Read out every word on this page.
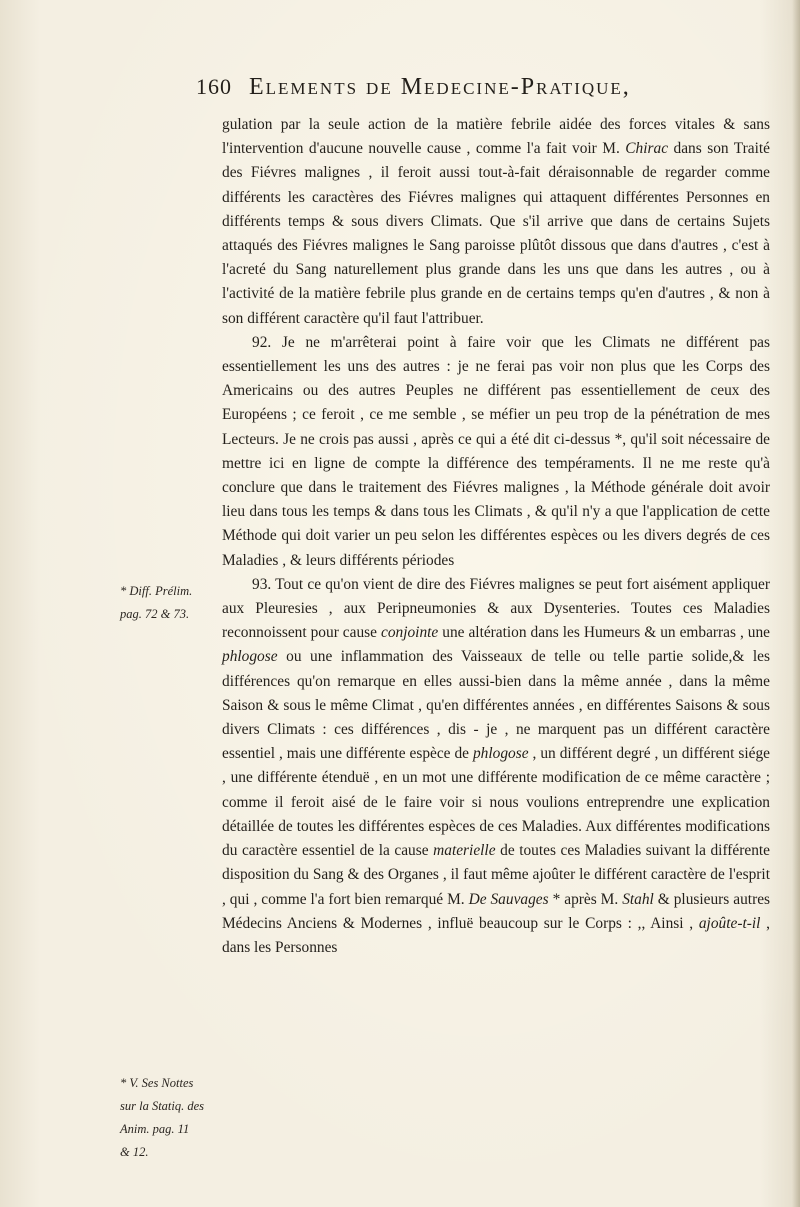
160 Elements de Medecine-Pratique,

gulation par la seule action de la matière febrile aidée des forces vitales & sans l'intervention d'aucune nouvelle cause , comme l'a fait voir M. Chirac dans son Traité des Fiévres malignes , il feroit aussi tout-à-fait déraisonnable de regarder comme différents les caractères des Fiévres malignes qui attaquent différentes Personnes en différents temps & sous divers Climats. Que s'il arrive que dans de certains Sujets attaqués des Fiévres malignes le Sang paroisse plûtôt dissous que dans d'autres , c'est à l'acreté du Sang naturellement plus grande dans les uns que dans les autres , ou à l'activité de la matière febrile plus grande en de certains temps qu'en d'autres , & non à son différent caractère qu'il faut l'attribuer.

92. Je ne m'arrêterai point à faire voir que les Climats ne différent pas essentiellement les uns des autres : je ne ferai pas voir non plus que les Corps des Americains ou des autres Peuples ne différent pas essentiellement de ceux des Européens ; ce feroit , ce me semble , se méfier un peu trop de la pénétration de mes Lecteurs. Je ne crois pas aussi , après ce qui a été dit ci-dessus *, qu'il soit nécessaire de mettre ici en ligne de compte la différence des tempéraments. Il ne me reste qu'à conclure que dans le traitement des Fiévres malignes , la Méthode générale doit avoir lieu dans tous les temps & dans tous les Climats , & qu'il n'y a que l'application de cette Méthode qui doit varier un peu selon les différentes espèces ou les divers degrés de ces Maladies , & leurs différents périodes

93. Tout ce qu'on vient de dire des Fiévres malignes se peut fort aisément appliquer aux Pleuresies , aux Peripneumonies & aux Dysenteries. Toutes ces Maladies reconnoissent pour cause conjointe une altération dans les Humeurs & un embarras , une phlogose ou une inflammation des Vaisseaux de telle ou telle partie solide,& les différences qu'on remarque en elles aussi-bien dans la même année , dans la même Saison & sous le même Climat , qu'en différentes années , en différentes Saisons & sous divers Climats : ces différences , dis - je , ne marquent pas un différent caractère essentiel , mais une différente espèce de phlogose , un différent degré , un différent siége , une différente étenduë , en un mot une différente modification de ce même caractère ; comme il feroit aisé de le faire voir si nous voulions entreprendre une explication détaillée de toutes les différentes espèces de ces Maladies. Aux différentes modifications du caractère essentiel de la cause materielle de toutes ces Maladies suivant la différente disposition du Sang & des Organes , il faut même ajoûter le différent caractère de l'esprit , qui , comme l'a fort bien remarqué M. De Sauvages * après M. Stahl & plusieurs autres Médecins Anciens & Modernes , influë beaucoup sur le Corps : ,, Ainsi , ajoûte-t-il , dans les Personnes

* Diff. Prélim.
pag. 72 & 73.
* V. Ses Nottes
sur la Statiq. des
Anim. pag. 11
& 12.
